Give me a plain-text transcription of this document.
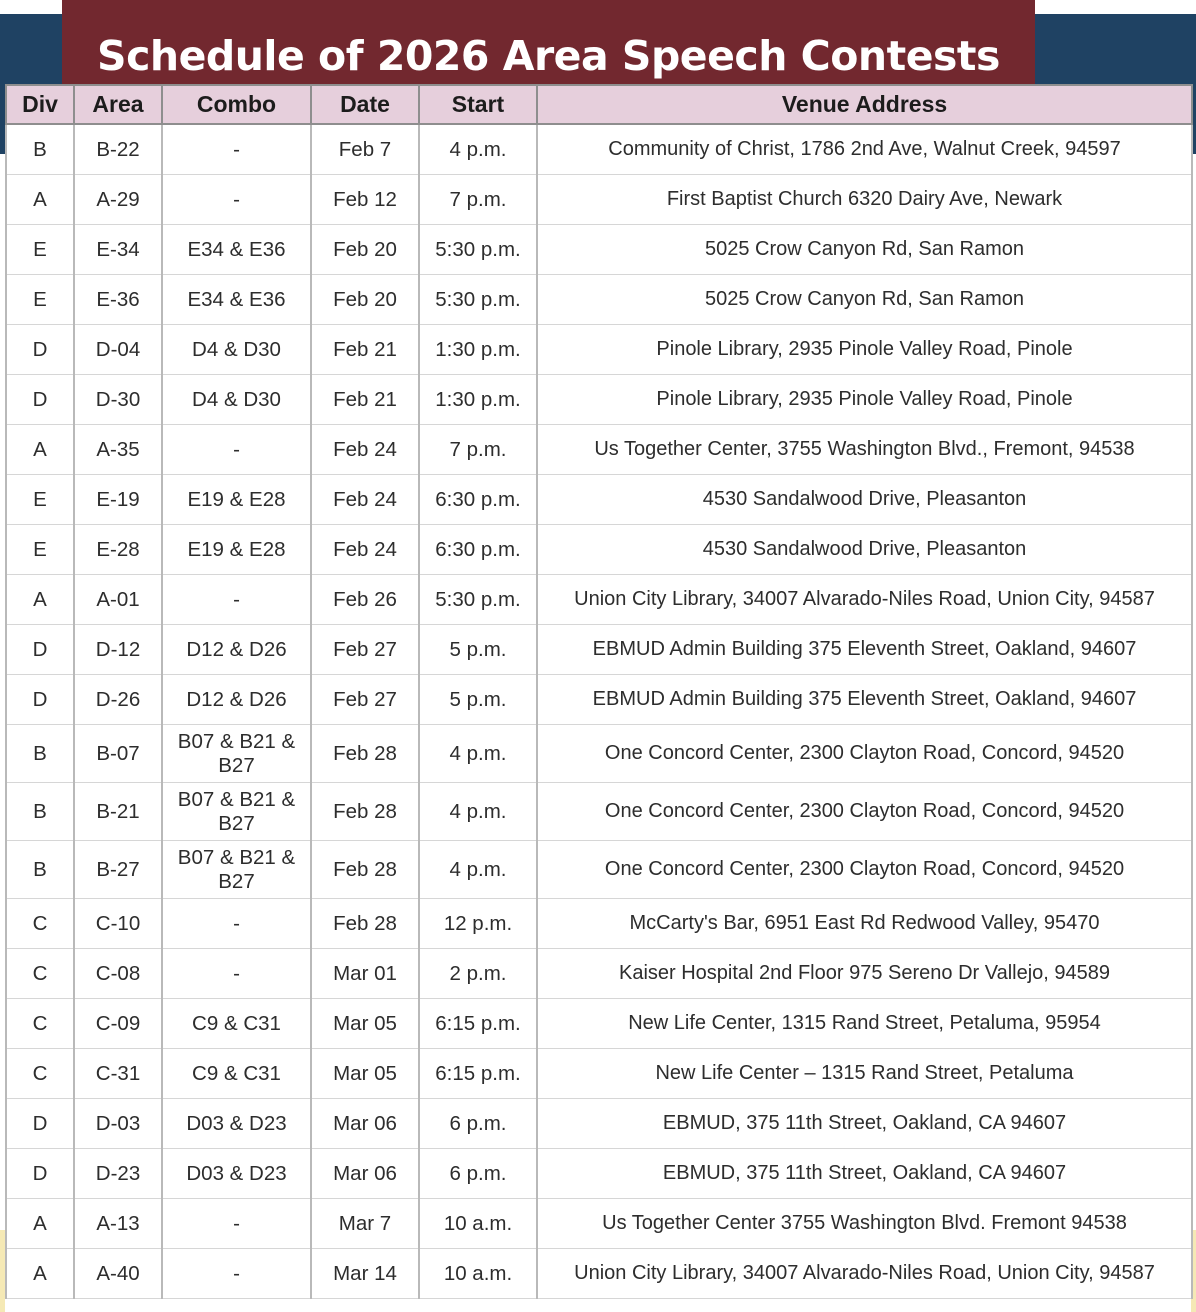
Schedule of 2026 Area Speech Contests
Div	Area	Combo	Date	Start	Venue Address
B	B-22	-	Feb 7	4 p.m.	Community of Christ, 1786 2nd Ave, Walnut Creek, 94597
A	A-29	-	Feb 12	7 p.m.	First Baptist Church 6320 Dairy Ave, Newark
E	E-34	E34 & E36	Feb 20	5:30 p.m.	5025 Crow Canyon Rd, San Ramon
E	E-36	E34 & E36	Feb 20	5:30 p.m.	5025 Crow Canyon Rd, San Ramon
D	D-04	D4 & D30	Feb 21	1:30 p.m.	Pinole Library, 2935 Pinole Valley Road, Pinole
D	D-30	D4 & D30	Feb 21	1:30 p.m.	Pinole Library, 2935 Pinole Valley Road, Pinole
A	A-35	-	Feb 24	7 p.m.	Us Together Center, 3755 Washington Blvd., Fremont, 94538
E	E-19	E19 & E28	Feb 24	6:30 p.m.	4530 Sandalwood Drive, Pleasanton
E	E-28	E19 & E28	Feb 24	6:30 p.m.	4530 Sandalwood Drive, Pleasanton
A	A-01	-	Feb 26	5:30 p.m.	Union City Library, 34007 Alvarado-Niles Road, Union City, 94587
D	D-12	D12 & D26	Feb 27	5 p.m.	EBMUD Admin Building 375 Eleventh Street, Oakland, 94607
D	D-26	D12 & D26	Feb 27	5 p.m.	EBMUD Admin Building 375 Eleventh Street, Oakland, 94607
B	B-07	B07 & B21 & B27	Feb 28	4 p.m.	One Concord Center, 2300 Clayton Road, Concord, 94520
B	B-21	B07 & B21 & B27	Feb 28	4 p.m.	One Concord Center, 2300 Clayton Road, Concord, 94520
B	B-27	B07 & B21 & B27	Feb 28	4 p.m.	One Concord Center, 2300 Clayton Road, Concord, 94520
C	C-10	-	Feb 28	12 p.m.	McCarty's Bar, 6951 East Rd Redwood Valley, 95470
C	C-08	-	Mar 01	2 p.m.	Kaiser Hospital 2nd Floor 975 Sereno Dr Vallejo, 94589
C	C-09	C9 & C31	Mar 05	6:15 p.m.	New Life Center, 1315 Rand Street, Petaluma, 95954
C	C-31	C9 & C31	Mar 05	6:15 p.m.	New Life Center – 1315 Rand Street, Petaluma
D	D-03	D03 & D23	Mar 06	6 p.m.	EBMUD, 375 11th Street, Oakland, CA 94607
D	D-23	D03 & D23	Mar 06	6 p.m.	EBMUD, 375 11th Street, Oakland, CA 94607
A	A-13	-	Mar 7	10 a.m.	Us Together Center 3755 Washington Blvd. Fremont 94538
A	A-40	-	Mar 14	10 a.m.	Union City Library, 34007 Alvarado-Niles Road, Union City, 94587
